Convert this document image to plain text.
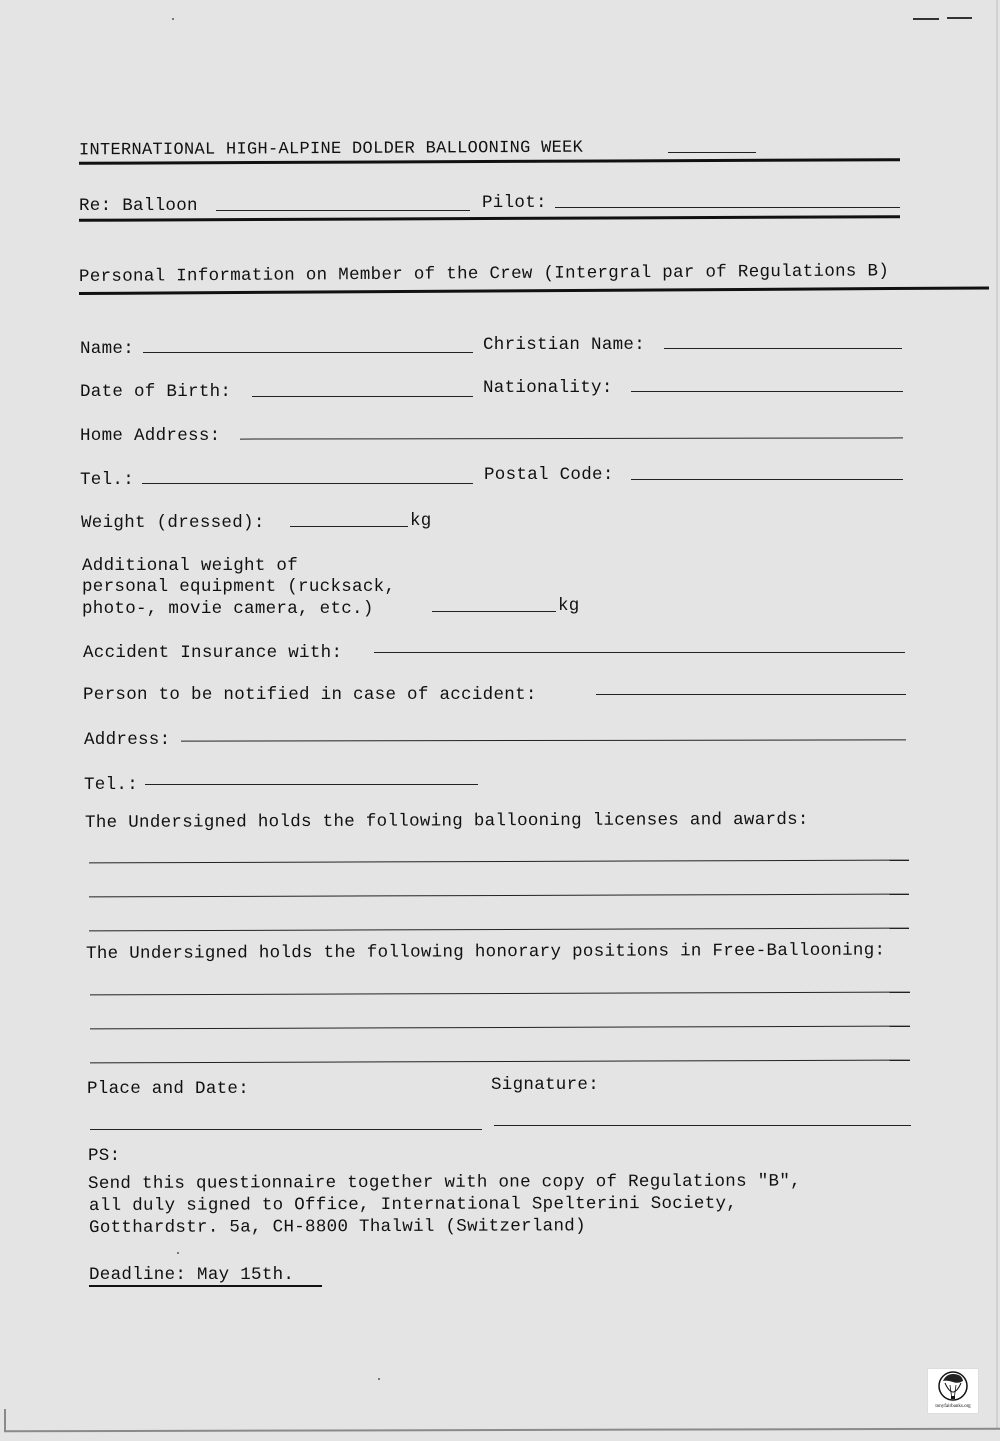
INTERNATIONAL HIGH-ALPINE DOLDER BALLOONING WEEK
Re: Balloon	Pilot:
Personal Information on Member of the Crew (Intergral par of Regulations B)
Name:	Christian Name:
Date of Birth:	Nationality:
Home Address:
Tel.:	Postal Code:
Weight (dressed):	kg
Additional weight of
personal equipment (rucksack,
photo-, movie camera, etc.)	kg
Accident Insurance with:
Person to be notified in case of accident:
Address:
Tel.:
The Undersigned holds the following ballooning licenses and awards:
The Undersigned holds the following honorary positions in Free-Ballooning:
Place and Date:	Signature:
PS:
Send this questionnaire together with one copy of Regulations "B",
all duly signed to Office, International Spelterini Society,
Gotthardstr. 5a, CH-8800 Thalwil (Switzerland)
Deadline: May 15th.
tonyfairbanks.org
